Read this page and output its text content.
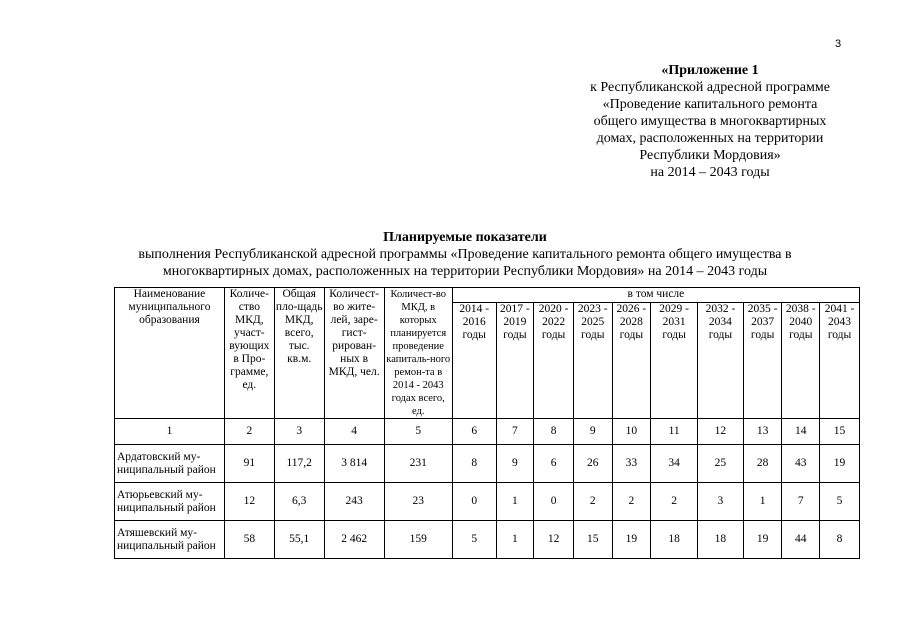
3
«Приложение 1
к Республиканской адресной программе
«Проведение капитального ремонта
общего имущества в многоквартирных
домах, расположенных на территории
Республики Мордовия»
на 2014 – 2043 годы
Планируемые показатели
выполнения Республиканской адресной программы «Проведение капитального ремонта общего имущества в
многоквартирных домах, расположенных на территории Республики Мордовия» на 2014 – 2043 годы
Наименование муниципального образования	Количе-ство МКД, участ-вующих в Про-грамме, ед.	Общая пло-щадь МКД, всего, тыс. кв.м.	Количест-во жите-лей, заре-гист-рирован-ных в МКД, чел.	Количест-во МКД, в которых планируется проведение капиталь-ного ремон-та в 2014 - 2043 годах всего, ед.	в том числе									
					2014 - 2016 годы	2017 - 2019 годы	2020 - 2022 годы	2023 - 2025 годы	2026 - 2028 годы	2029 - 2031 годы	2032 - 2034 годы	2035 - 2037 годы	2038 - 2040 годы	2041 - 2043 годы
1	2	3	4	5	6	7	8	9	10	11	12	13	14	15
Ардатовский му-ниципальный район	91	117,2	3 814	231	8	9	6	26	33	34	25	28	43	19
Атюрьевский му-ниципальный район	12	6,3	243	23	0	1	0	2	2	2	3	1	7	5
Атяшевский му-ниципальный район	58	55,1	2 462	159	5	1	12	15	19	18	18	19	44	8
